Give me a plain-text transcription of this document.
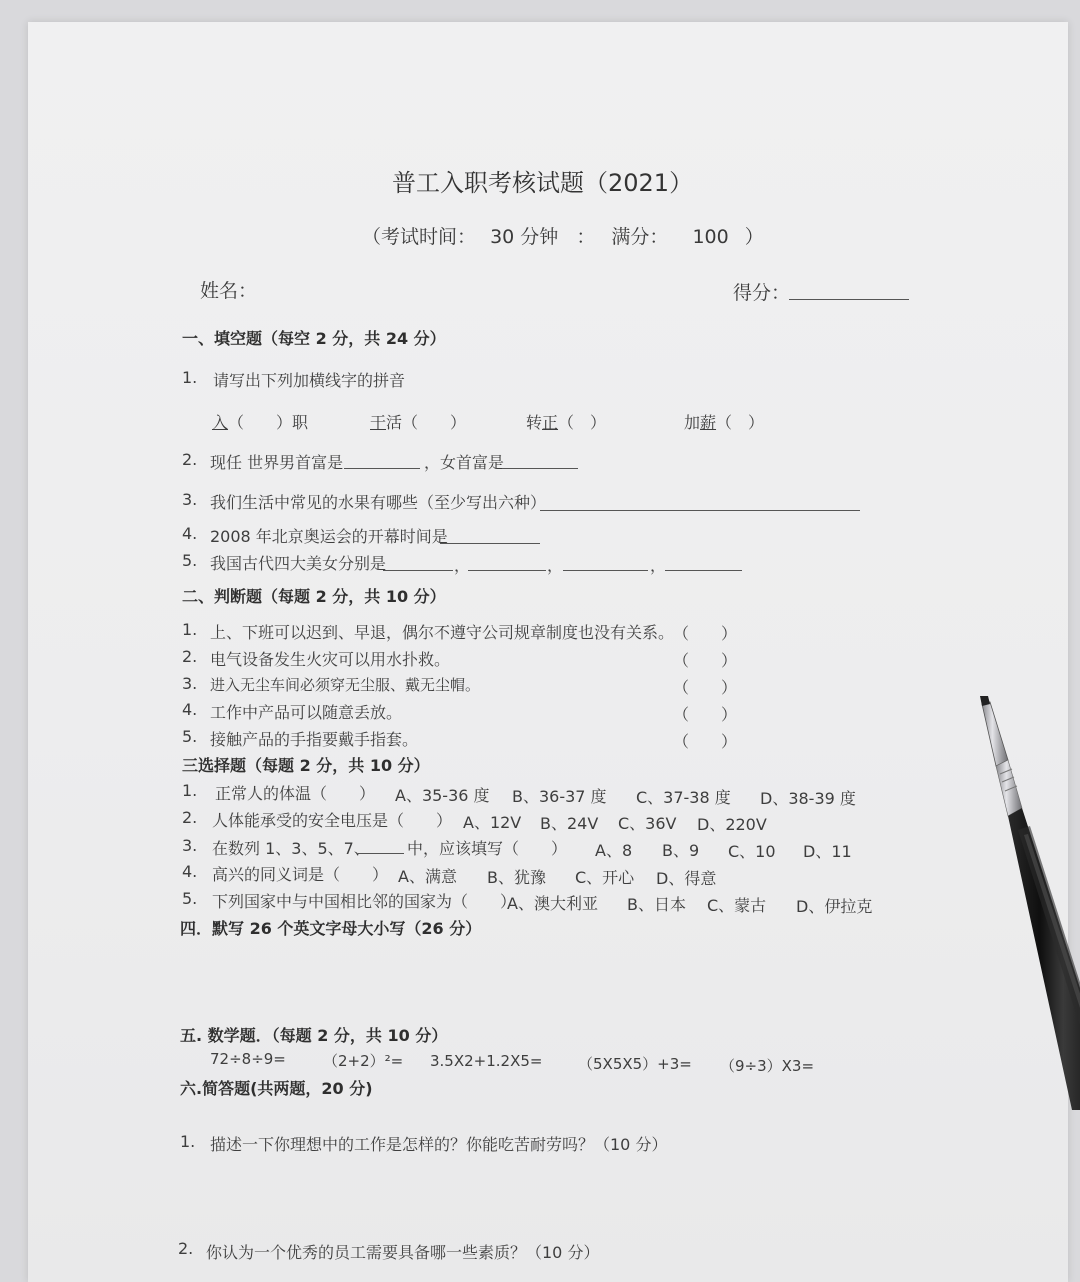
普工入职考核试题（2021）
（考试时间： 30 分钟 ： 满分： 100 ）
姓名：	得分：
一、填空题（每空 2 分，共 24 分）
1. 请写出下列加横线字的拼音
入（　　）职	干活（　　）	转正（　）	加薪（　）
2. 现任 世界男首富是	，女首富是
3. 我们生活中常见的水果有哪些（至少写出六种）
4. 2008 年北京奥运会的开幕时间是
5. 我国古代四大美女分别是	，	，	，
二、判断题（每题 2 分，共 10 分）
1. 上、下班可以迟到、早退，偶尔不遵守公司规章制度也没有关系。
（　　）
2. 电气设备发生火灾可以用水扑救。	（　　）
3. 进入无尘车间必须穿无尘服、戴无尘帽。	（　　）
4. 工作中产品可以随意丢放。	（　　）
5. 接触产品的手指要戴手指套。	（　　）
三选择题（每题 2 分，共 10 分）
1. 正常人的体温（　　） A、35-36 度 B、36-37 度 C、37-38 度 D、38-39 度
2. 人体能承受的安全电压是（　　） A、12V B、24V C、36V D、220V
3. 在数列 1、3、5、7、 中，应该填写（　　） A、8 B、9 C、10 D、11
4. 高兴的同义词是（　　） A、满意 B、犹豫 C、开心 D、得意
5. 下列国家中与中国相比邻的国家为（　　）
A、澳大利亚 B、日本 C、蒙古 D、伊拉克
四．默写 26 个英文字母大小写（26 分）
五. 数学题．（每题 2 分，共 10 分）
72÷8÷9= （2+2）²= 3.5X2+1.2X5= （5X5X5）+3= （9÷3）X3=
六.简答题(共两题，20 分)
1. 描述一下你理想中的工作是怎样的？你能吃苦耐劳吗？（10 分）
2. 你认为一个优秀的员工需要具备哪一些素质？（10 分）
